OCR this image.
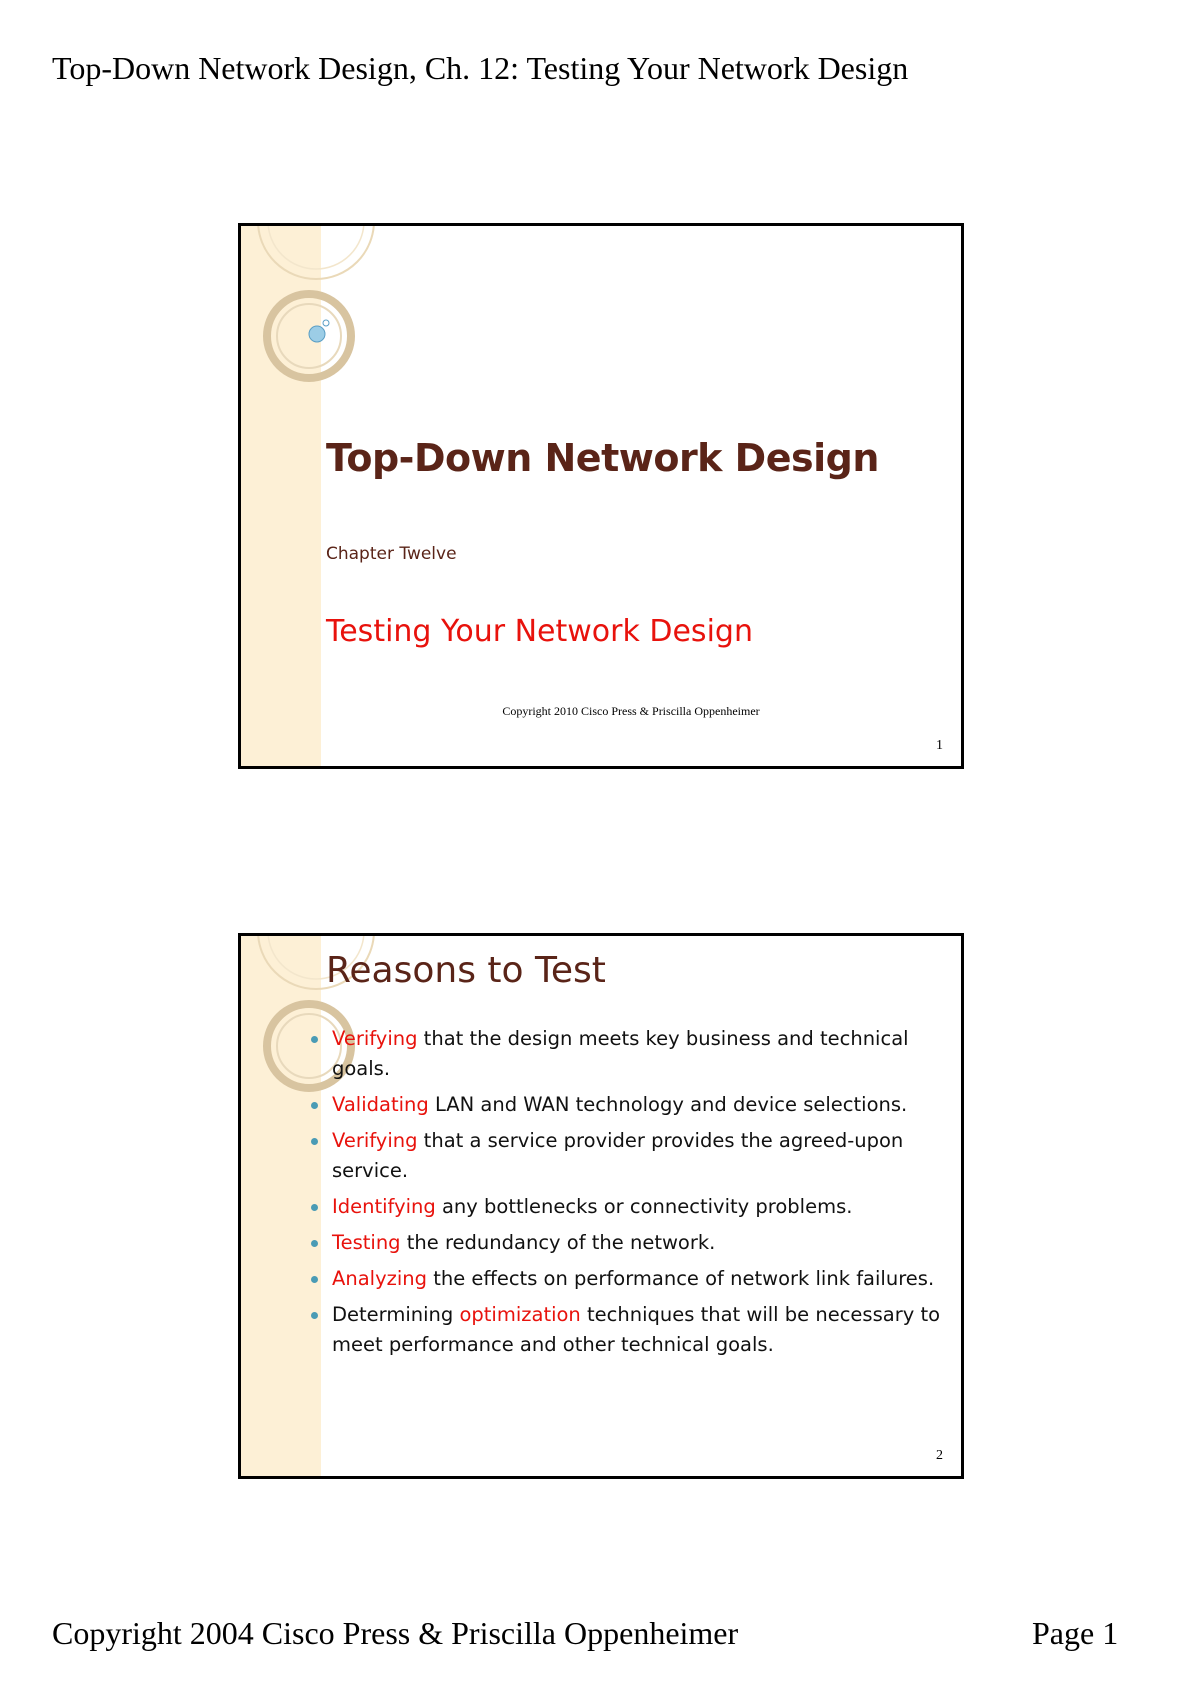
Top-Down Network Design, Ch. 12: Testing Your Network Design
Top-Down Network Design
Chapter Twelve
Testing Your Network Design
Copyright 2010 Cisco Press & Priscilla Oppenheimer
1
Reasons to Test
Verifying that the design meets key business and technical goals.
Validating LAN and WAN technology and device selections.
Verifying that a service provider provides the agreed-upon service.
Identifying any bottlenecks or connectivity problems.
Testing the redundancy of the network.
Analyzing the effects on performance of network link failures.
Determining optimization techniques that will be necessary to meet performance and other technical goals.
2
Copyright 2004 Cisco Press & Priscilla Oppenheimer	Page 1
